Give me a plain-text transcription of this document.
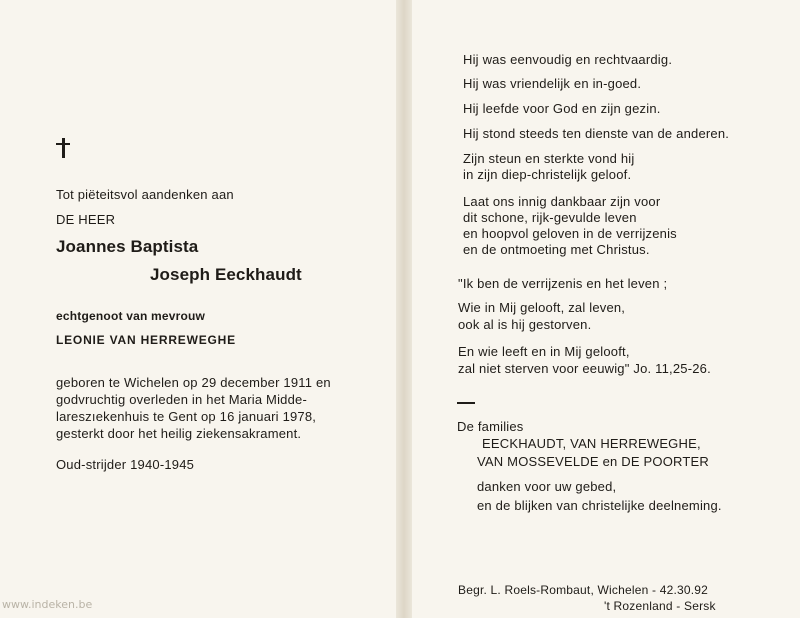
Tot piëteitsvol aandenken aan
DE HEER
Joannes Baptista
Joseph Eeckhaudt
echtgenoot van mevrouw
LEONIE VAN HERREWEGHE
geboren te Wichelen op 29 december 1911 en
godvruchtig overleden in het Maria Midde-
lareszıekenhuis te Gent op 16 januari 1978,
gesterkt door het heilig ziekensakrament.
Oud-strijder 1940-1945
Hij was eenvoudig en rechtvaardig.
Hij was vriendelijk en in-goed.
Hij leefde voor God en zijn gezin.
Hij stond steeds ten dienste van de anderen.
Zijn steun en sterkte vond hij
in zijn diep-christelijk geloof.
Laat ons innig dankbaar zijn voor
dit schone, rijk-gevulde leven
en hoopvol geloven in de verrijzenis
en de ontmoeting met Christus.
"Ik ben de verrijzenis en het leven ;
Wie in Mij gelooft, zal leven,
ook al is hij gestorven.
En wie leeft en in Mij gelooft,
zal niet sterven voor eeuwig" Jo. 11,25-26.
De families
EECKHAUDT, VAN HERREWEGHE,
VAN MOSSEVELDE en DE POORTER
danken voor uw gebed,
en de blijken van christelijke deelneming.
Begr. L. Roels-Rombaut, Wichelen - 42.30.92
't Rozenland - Sersk
www.indeken.be
